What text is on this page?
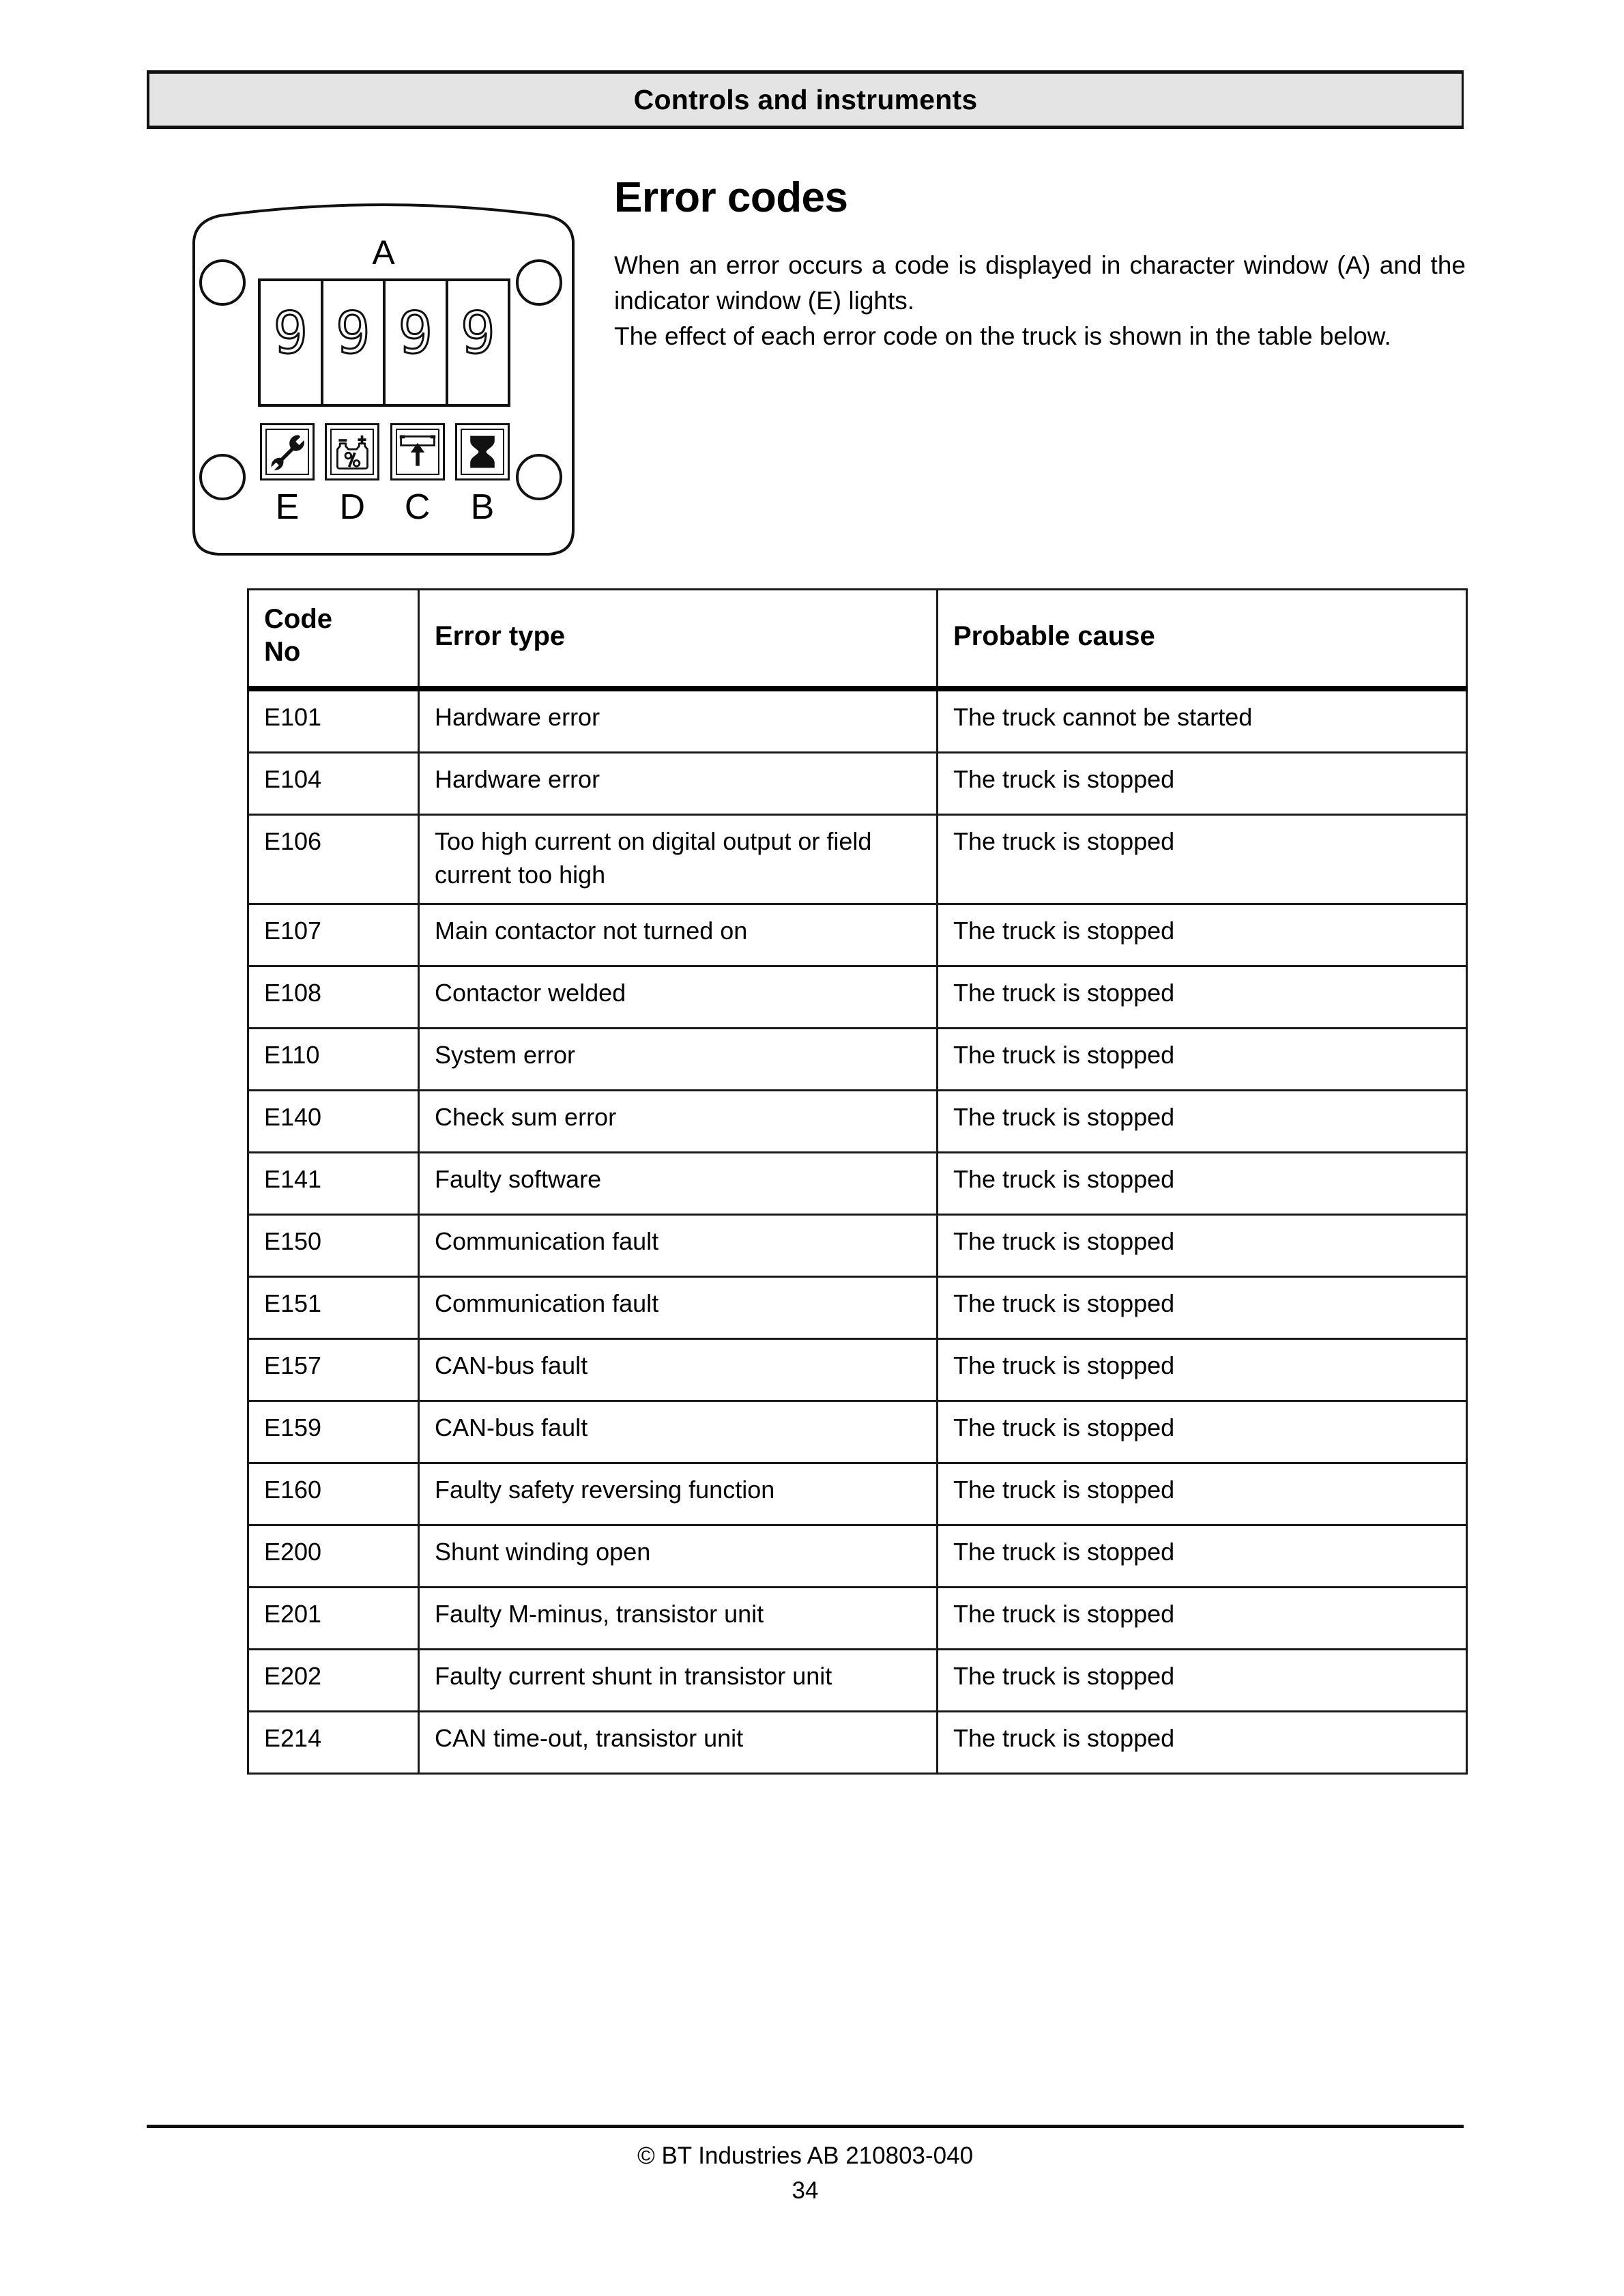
Controls and instruments
A
9 9 9 9
E	D	C	B
Error codes

When an error occurs a code is displayed in character window (A) and the indicator window (E) lights.

The effect of each error code on the truck is shown in the table below.

Code
No	Error type	Probable cause
E101	Hardware error	The truck cannot be started
E104	Hardware error	The truck is stopped
E106	Too high current on digital output or field current too high	The truck is stopped
E107	Main contactor not turned on	The truck is stopped
E108	Contactor welded	The truck is stopped
E110	System error	The truck is stopped
E140	Check sum error	The truck is stopped
E141	Faulty software	The truck is stopped
E150	Communication fault	The truck is stopped
E151	Communication fault	The truck is stopped
E157	CAN-bus fault	The truck is stopped
E159	CAN-bus fault	The truck is stopped
E160	Faulty safety reversing function	The truck is stopped
E200	Shunt winding open	The truck is stopped
E201	Faulty M-minus, transistor unit	The truck is stopped
E202	Faulty current shunt in transistor unit	The truck is stopped
E214	CAN time-out, transistor unit	The truck is stopped
© BT Industries AB 210803-040
34
